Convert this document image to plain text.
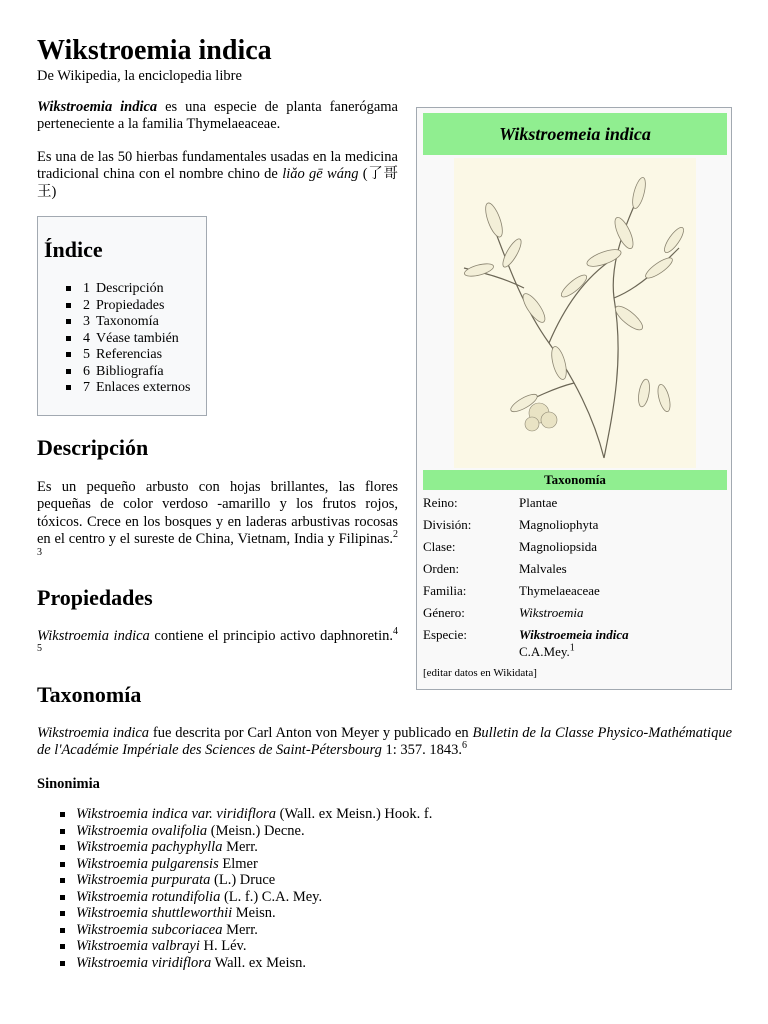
Wikstroemia indica
De Wikipedia, la enciclopedia libre

Wikstroemia indica es una especie de planta fanerógama perteneciente a la familia Thymelaeaceae.

Es una de las 50 hierbas fundamentales usadas en la medicina tradicional china con el nombre chino de liǎo gē wáng (了哥王)

Índice
1 Descripción
2 Propiedades
3 Taxonomía
4 Véase también
5 Referencias
6 Bibliografía
7 Enlaces externos
Descripción

Es un pequeño arbusto con hojas brillantes, las flores pequeñas de color verdoso -amarillo y los frutos rojos, tóxicos. Crece en los bosques y en laderas arbustivas rocosas en el centro y el sureste de China, Vietnam, India y Filipinas.$^{2 3}$

Propiedades

Wikstroemia indica contiene el principio activo daphnoretin.$^{4 5}$

Taxonomía

Wikstroemia indica fue descrita por Carl Anton von Meyer y publicado en Bulletin de la Classe Physico-Mathématique de l'Académie Impériale des Sciences de Saint-Pétersbourg 1: 357. 1843.$^6$

Sinonimia
Wikstroemia indica var. viridiflora (Wall. ex Meisn.) Hook. f.
Wikstroemia ovalifolia (Meisn.) Decne.
Wikstroemia pachyphylla Merr.
Wikstroemia pulgarensis Elmer
Wikstroemia purpurata (L.) Druce
Wikstroemia rotundifolia (L. f.) C.A. Mey.
Wikstroemia shuttleworthii Meisn.
Wikstroemia subcoriacea Merr.
Wikstroemia valbrayi H. Lév.
Wikstroemia viridiflora Wall. ex Meisn.
Wikstroemeia indica
Taxonomía
Reino:	Plantae
División:	Magnoliophyta
Clase:	Magnoliopsida
Orden:	Malvales
Familia:	Thymelaeaceae
Género:	Wikstroemia
Especie:	Wikstroemeia indica
C.A.Mey.$^1$
[editar datos en Wikidata]
